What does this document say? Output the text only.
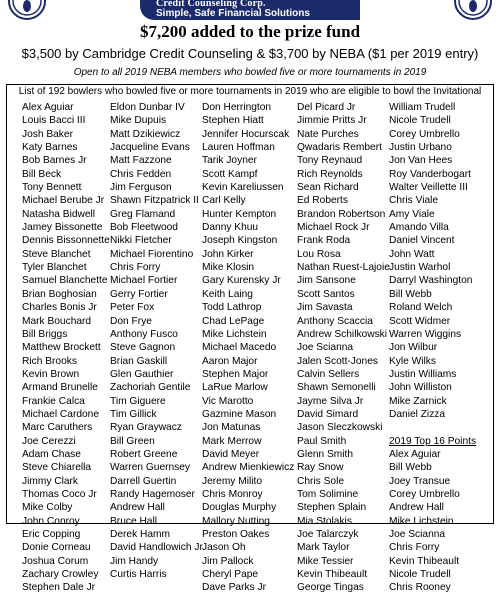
Credit Counseling Corp.
Simple, Safe Financial Solutions
$7,200 added to the prize fund
$3,500 by Cambridge Credit Counseling & $3,700 by NEBA ($1 per 2019 entry)
Open to all 2019 NEBA members who bowled five or more tournaments in 2019
List of 192 bowlers who bowled five or more tournaments in 2019 who are eligible to bowl the Invitational
Alex Aguiar
Louis Bacci III
Josh Baker
Katy Barnes
Bob Barnes Jr
Bill Beck
Tony Bennett
Michael Berube Jr
Natasha Bidwell
Jamey Bissonette
Dennis Bissonnette
Steve Blanchet
Tyler Blanchet
Samuel Blanchette
Brian Boghosian
Charles Bonis Jr
Mark Bouchard
Bill Briggs
Matthew Brockett
Rich Brooks
Kevin Brown
Armand Brunelle
Frankie Calca
Michael Cardone
Marc Caruthers
Joe Cerezzi
Adam Chase
Steve Chiarella
Jimmy Clark
Thomas Coco Jr
Mike Colby
John Conroy
Eric Copping
Donie Corneau
Joshua Corum
Zachary Crowley
Stephen Dale Jr
Eldon Dunbar IV
Mike Dupuis
Matt Dzikiewicz
Jacqueline Evans
Matt Fazzone
Chris Fedden
Jim Ferguson
Shawn Fitzpatrick II
Greg Flamand
Bob Fleetwood
Nikki Fletcher
Michael Fiorentino
Chris Forry
Michael Fortier
Gerry Fortier
Peter Fox
Don Frye
Anthony Fusco
Steve Gagnon
Brian Gaskill
Glen Gauthier
Zachoriah Gentile
Tim Giguere
Tim Gillick
Ryan Graywacz
Bill Green
Robert Greene
Warren Guernsey
Darrell Guertin
Randy Hagemoser
Andrew Hall
Bruce Hall
Derek Hamm
David Handlowich Jr
Jim Handy
Curtis Harris
Don Herrington
Stephen Hiatt
Jennifer Hocurscak
Lauren Hoffman
Tarik Joyner
Scott Kampf
Kevin Kareliussen
Carl Kelly
Hunter Kempton
Danny Khuu
Joseph Kingston
John Kirker
Mike Klosin
Gary Kurensky Jr
Keith Laing
Todd Lathrop
Chad LePage
Mike Lichstein
Michael Macedo
Aaron Major
Stephen Major
LaRue Marlow
Vic Marotto
Gazmine Mason
Jon Matunas
Mark Merrow
David Meyer
Andrew Mienkiewicz
Jeremy Milito
Chris Monroy
Douglas Murphy
Mallory Nutting
Preston Oakes
Jason Oh
Jim Pallock
Cheryl Pape
Dave Parks Jr
Del Picard Jr
Jimmie Pritts Jr
Nate Purches
Qwadaris Rembert
Tony Reynaud
Rich Reynolds
Sean Richard
Ed Roberts
Brandon Robertson
Michael Rock Jr
Frank Roda
Lou Rosa
Nathan Ruest-Lajoie
Jim Sansone
Scott Santos
Jim Savasta
Anthony Scaccia
Andrew Schilkowski
Joe Scianna
Jalen Scott-Jones
Calvin Sellers
Shawn Semonelli
Jayme Silva Jr
David Simard
Jason Sleczkowski
Paul Smith
Glenn Smith
Ray Snow
Chris Sole
Tom Solimine
Stephen Splain
Mia Stolakis
Joe Talarczyk
Mark Taylor
Mike Tessier
Kevin Thibeault
George Tingas
William Trudell
Nicole Trudell
Corey Umbrello
Justin Urbano
Jon Van Hees
Roy Vanderbogart
Walter Veillette III
Chris Viale
Amy Viale
Amando Villa
Daniel Vincent
John Watt
Justin Warhol
Darryl Washington
Bill Webb
Roland Welch
Scott Widmer
Warren Wiggins
Jon Wilbur
Kyle Wilks
Justin Williams
John Williston
Mike Zarnick
Daniel Zizza
2019 Top 16 Points
Alex Aguiar
Bill Webb
Joey Transue
Corey Umbrello
Andrew Hall
Mike Lichstein
Joe Scianna
Chris Forry
Kevin Thibeault
Nicole Trudell
Chris Rooney
